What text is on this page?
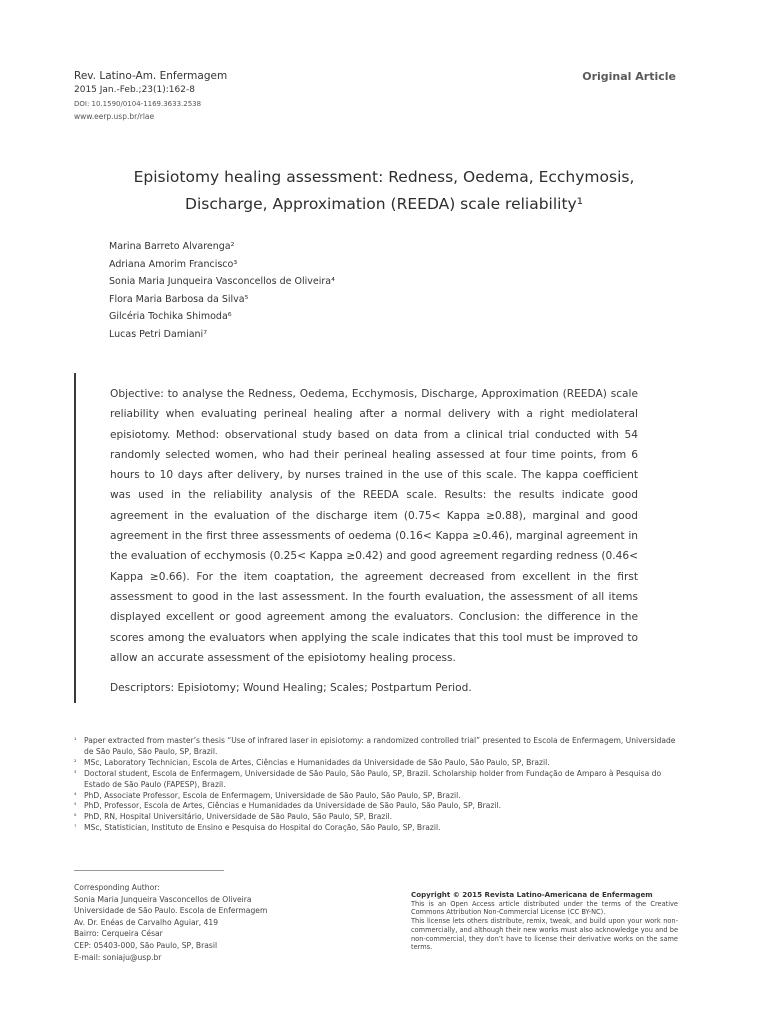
Rev. Latino-Am. Enfermagem

2015 Jan.-Feb.;23(1):162-8

DOI: 10.1590/0104-1169.3633.2538

www.eerp.usp.br/rlae

Original Article
Episiotomy healing assessment: Redness, Oedema, Ecchymosis,
Discharge, Approximation (REEDA) scale reliability¹
Marina Barreto Alvarenga²
Adriana Amorim Francisco³
Sonia Maria Junqueira Vasconcellos de Oliveira⁴
Flora Maria Barbosa da Silva⁵
Gilcéria Tochika Shimoda⁶
Lucas Petri Damiani⁷

Objective: to analyse the Redness, Oedema, Ecchymosis, Discharge, Approximation (REEDA) scale reliability when evaluating perineal healing after a normal delivery with a right mediolateral episiotomy. Method: observational study based on data from a clinical trial conducted with 54 randomly selected women, who had their perineal healing assessed at four time points, from 6 hours to 10 days after delivery, by nurses trained in the use of this scale. The kappa coefficient was used in the reliability analysis of the REEDA scale. Results: the results indicate good agreement in the evaluation of the discharge item (0.75< Kappa ≥0.88), marginal and good agreement in the first three assessments of oedema (0.16< Kappa ≥0.46), marginal agreement in the evaluation of ecchymosis (0.25< Kappa ≥0.42) and good agreement regarding redness (0.46< Kappa ≥0.66). For the item coaptation, the agreement decreased from excellent in the first assessment to good in the last assessment. In the fourth evaluation, the assessment of all items displayed excellent or good agreement among the evaluators. Conclusion: the difference in the scores among the evaluators when applying the scale indicates that this tool must be improved to allow an accurate assessment of the episiotomy healing process.

Descriptors: Episiotomy; Wound Healing; Scales; Postpartum Period.

¹ Paper extracted from master’s thesis “Use of infrared laser in episiotomy: a randomized controlled trial” presented to Escola de Enfermagem, Universidade de São Paulo, São Paulo, SP, Brazil.
² MSc, Laboratory Technician, Escola de Artes, Ciências e Humanidades da Universidade de São Paulo, São Paulo, SP, Brazil.
³ Doctoral student, Escola de Enfermagem, Universidade de São Paulo, São Paulo, SP, Brazil. Scholarship holder from Fundação de Amparo à Pesquisa do Estado de São Paulo (FAPESP), Brazil.
⁴ PhD, Associate Professor, Escola de Enfermagem, Universidade de São Paulo, São Paulo, SP, Brazil.
⁵ PhD, Professor, Escola de Artes, Ciências e Humanidades da Universidade de São Paulo, São Paulo, SP, Brazil.
⁶ PhD, RN, Hospital Universitário, Universidade de São Paulo, São Paulo, SP, Brazil.
⁷ MSc, Statistician, Instituto de Ensino e Pesquisa do Hospital do Coração, São Paulo, SP, Brazil.
Corresponding Author:
Sonia Maria Junqueira Vasconcellos de Oliveira
Universidade de São Paulo. Escola de Enfermagem
Av. Dr. Enéas de Carvalho Aguiar, 419
Bairro: Cerqueira César
CEP: 05403-000, São Paulo, SP, Brasil
E-mail: soniaju@usp.br
Copyright © 2015 Revista Latino-Americana de Enfermagem
This is an Open Access article distributed under the terms of the Creative Commons Attribution Non-Commercial License (CC BY-NC).
This license lets others distribute, remix, tweak, and build upon your work non-commercially, and although their new works must also acknowledge you and be non-commercial, they don’t have to license their derivative works on the same terms.
